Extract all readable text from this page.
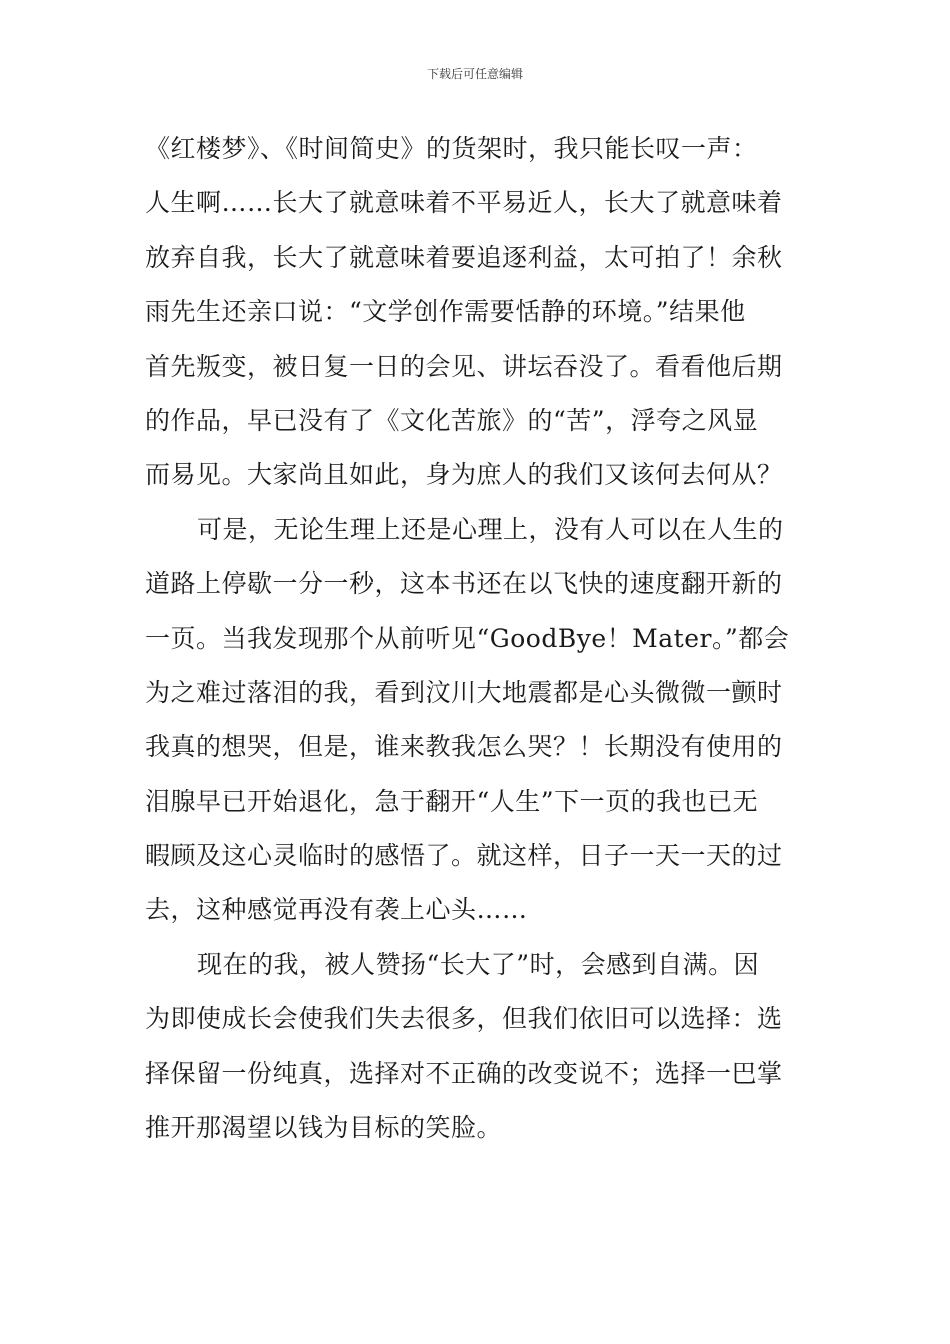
下载后可任意编辑
《红楼梦》、《时间简史》的货架时，我只能长叹一声：
人生啊……长大了就意味着不平易近人，长大了就意味着
放弃自我，长大了就意味着要追逐利益，太可拍了！余秋
雨先生还亲口说：“文学创作需要恬静的环境。”结果他
首先叛变，被日复一日的会见、讲坛吞没了。看看他后期
的作品，早已没有了《文化苦旅》的“苦”，浮夸之风显
而易见。大家尚且如此，身为庶人的我们又该何去何从？
可是，无论生理上还是心理上，没有人可以在人生的
道路上停歇一分一秒，这本书还在以飞快的速度翻开新的
一页。当我发现那个从前听见“GoodBye！Mater。”都会
为之难过落泪的我，看到汶川大地震都是心头微微一颤时
我真的想哭，但是，谁来教我怎么哭？！长期没有使用的
泪腺早已开始退化，急于翻开“人生”下一页的我也已无
暇顾及这心灵临时的感悟了。就这样，日子一天一天的过
去，这种感觉再没有袭上心头……
现在的我，被人赞扬“长大了”时，会感到自满。因
为即使成长会使我们失去很多，但我们依旧可以选择：选
择保留一份纯真，选择对不正确的改变说不；选择一巴掌
推开那渴望以钱为目标的笑脸。
